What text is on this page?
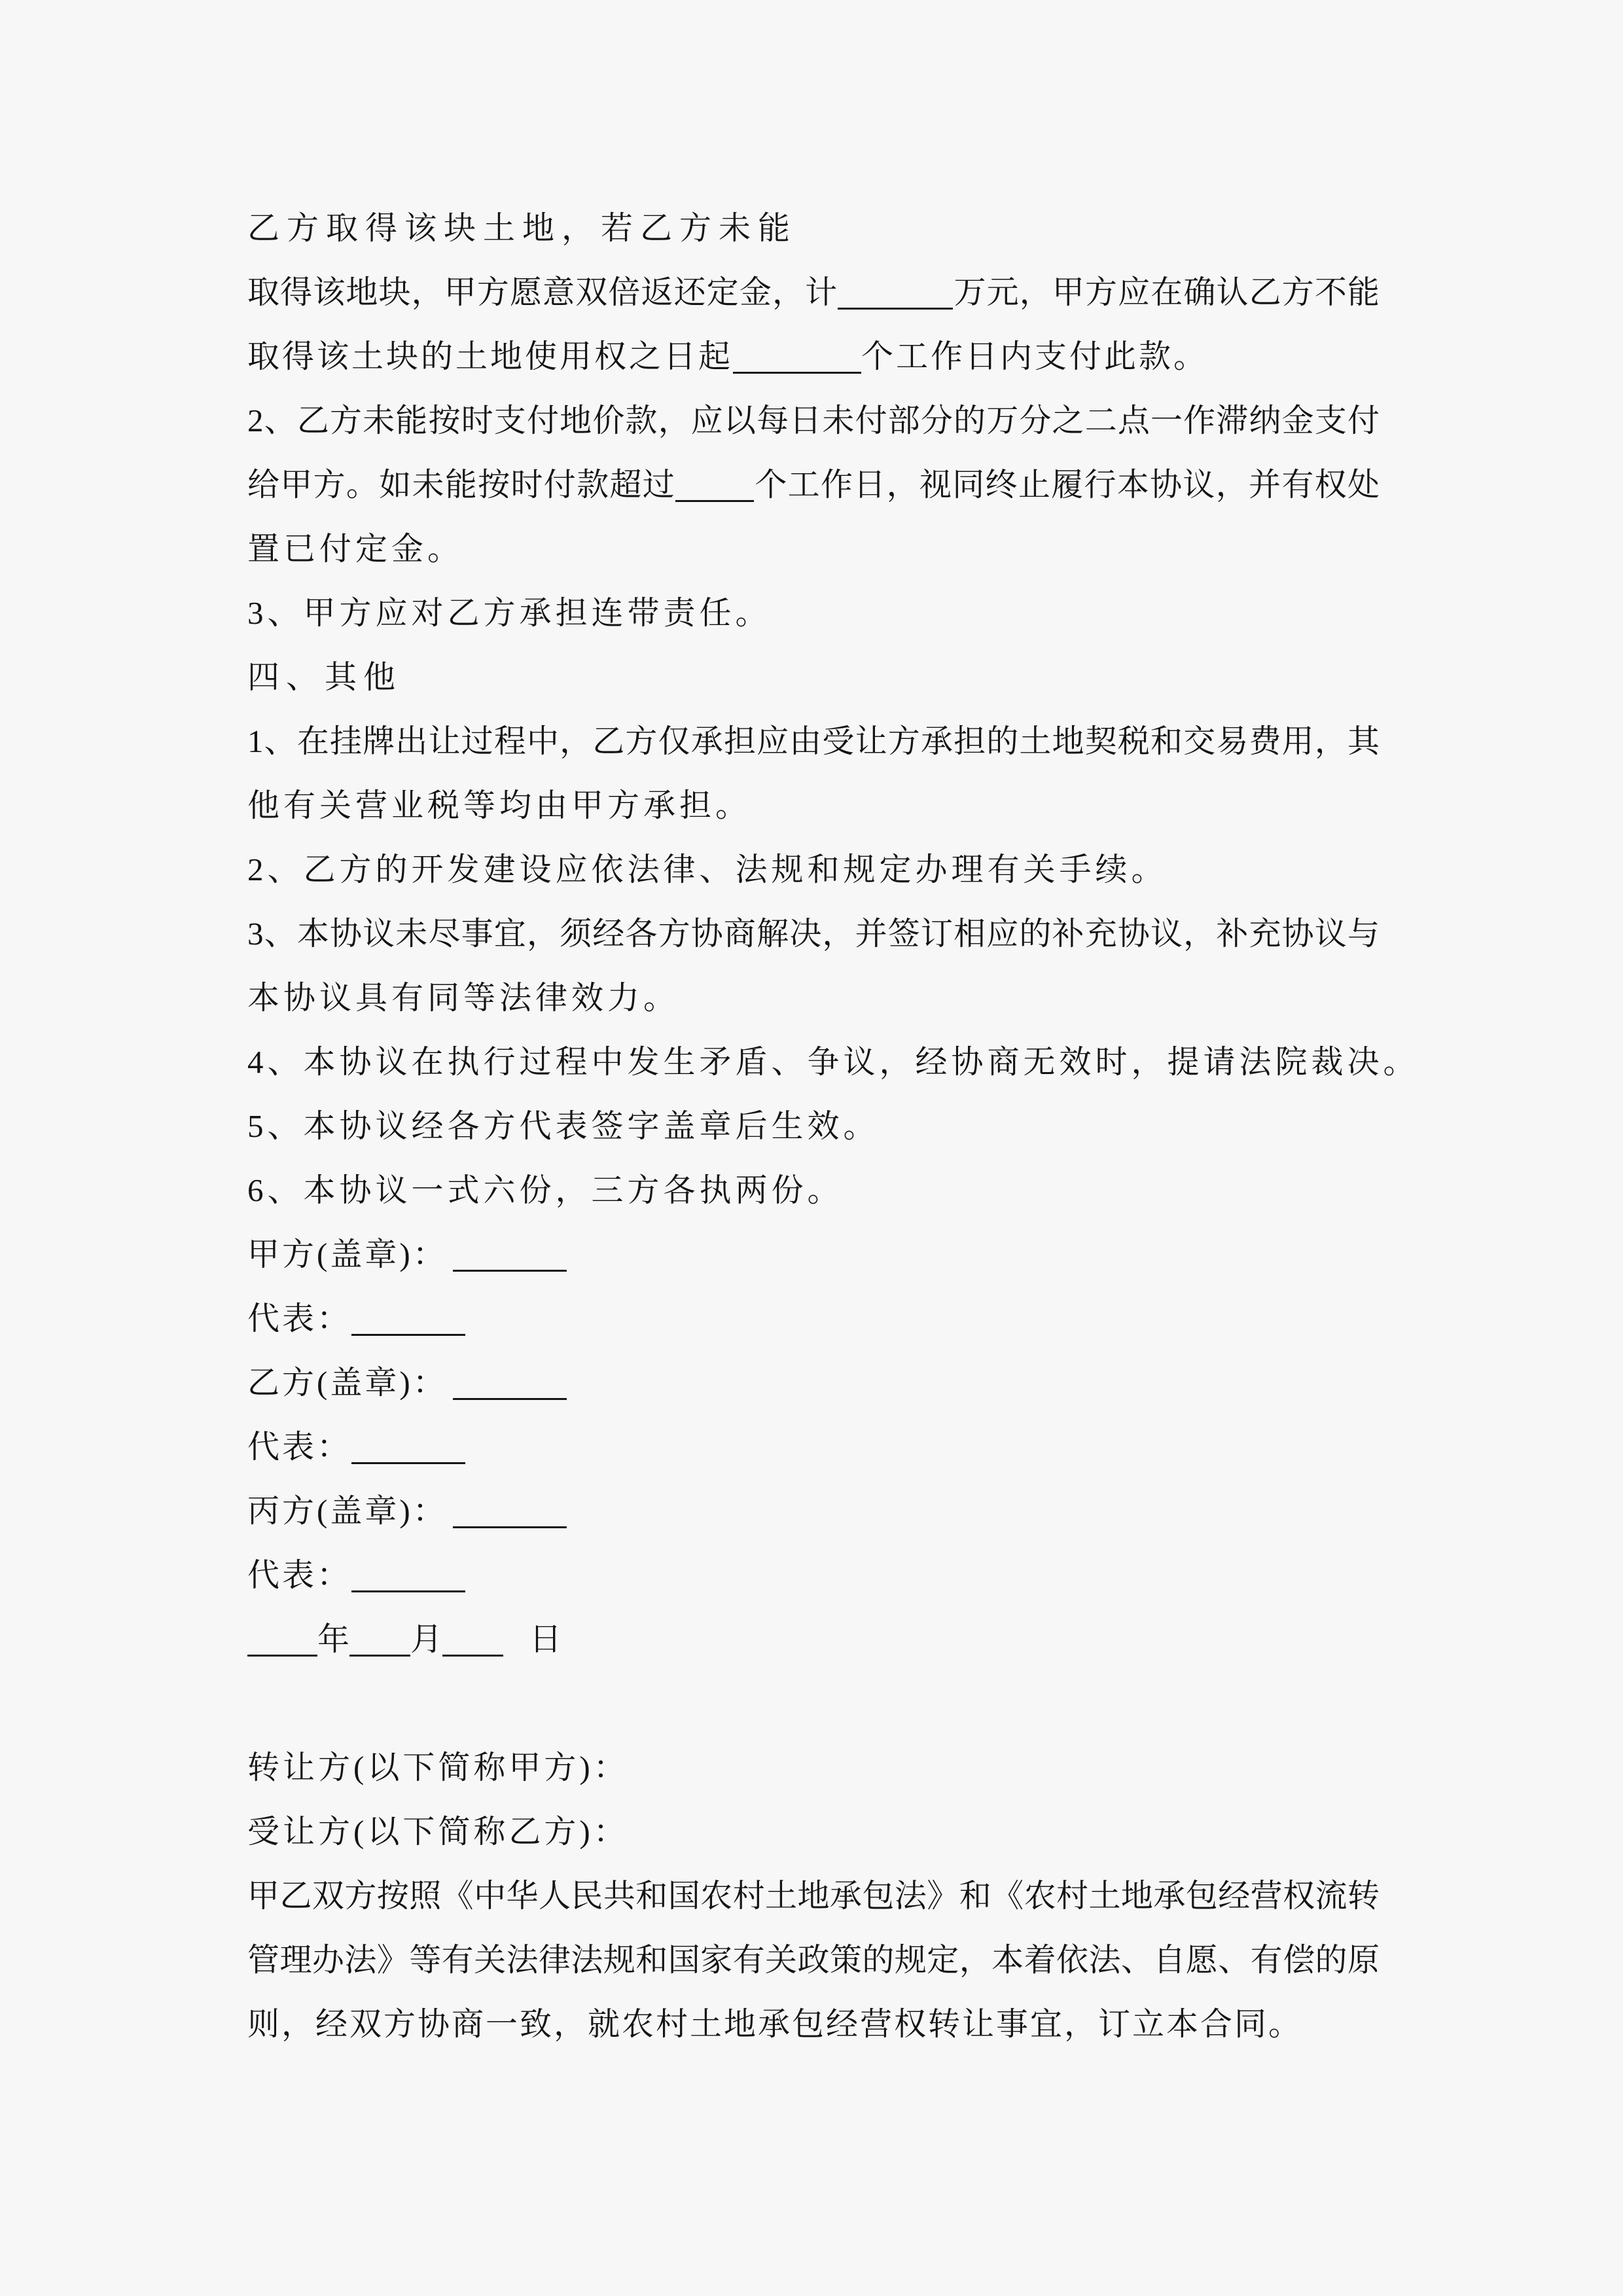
乙方取得该块土地，若乙方未能
取得该地块，甲方愿意双倍返还定金，计	万元，甲方应在确认乙方不能
取得该土块的土地使用权之日起	个工作日内支付此款。
2、乙方未能按时支付地价款，应以每日未付部分的万分之二点一作滞纳金支付
给甲方。如未能按时付款超过 个工作日，视同终止履行本协议，并有权处
置已付定金。
3、甲方应对乙方承担连带责任。
四、其他
1、在挂牌出让过程中，乙方仅承担应由受让方承担的土地契税和交易费用，其
他有关营业税等均由甲方承担。
2、乙方的开发建设应依法律、法规和规定办理有关手续。
3、本协议未尽事宜，须经各方协商解决，并签订相应的补充协议，补充协议与
本协议具有同等法律效力。
4、本协议在执行过程中发生矛盾、争议，经协商无效时，提请法院裁决。
5、本协议经各方代表签字盖章后生效。
6、本协议一式六份，三方各执两份。
甲方(盖章)：
代表：
乙方(盖章)：
代表：
丙方(盖章)：
代表：
年 月	日
转让方(以下简称甲方)：
受让方(以下简称乙方)：
甲乙双方按照《中华人民共和国农村土地承包法》和《农村土地承包经营权流转
管理办法》等有关法律法规和国家有关政策的规定，本着依法、自愿、有偿的原
则，经双方协商一致，就农村土地承包经营权转让事宜，订立本合同。
